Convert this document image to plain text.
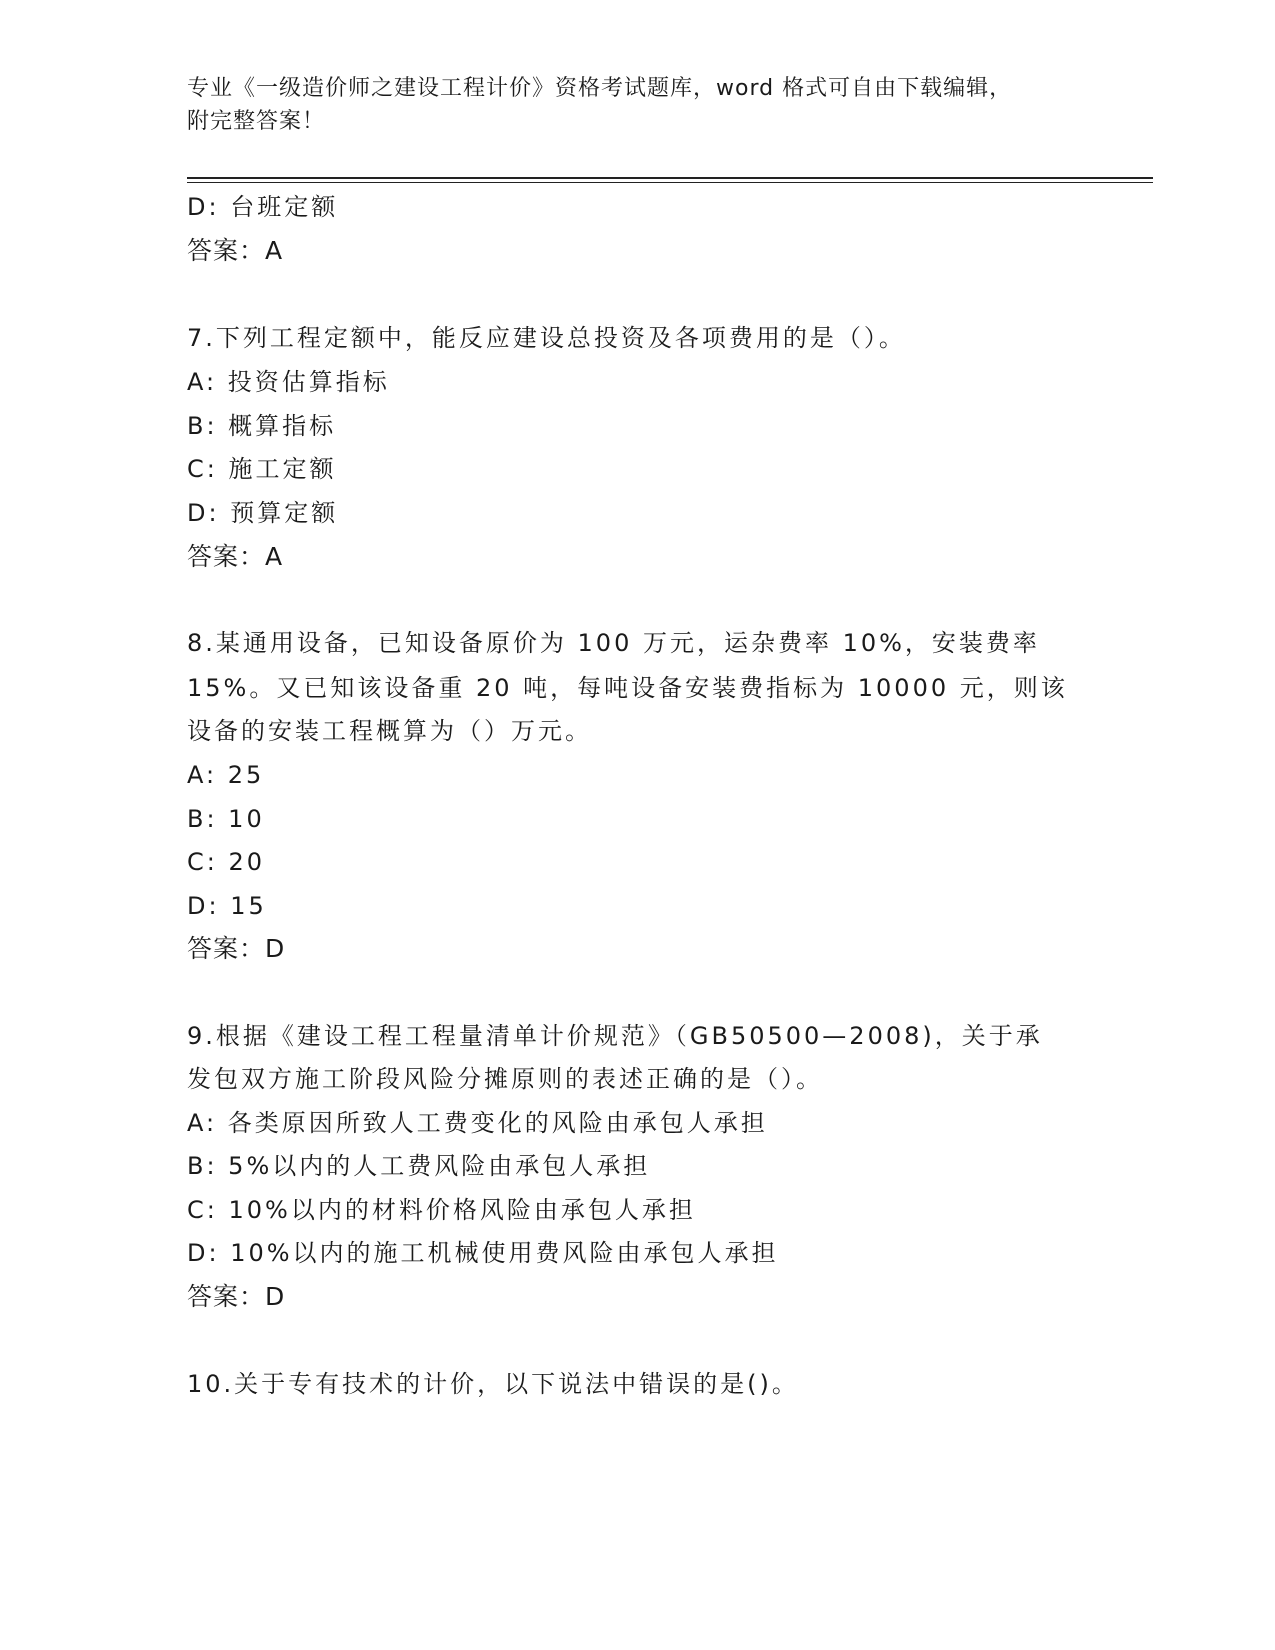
专业《一级造价师之建设工程计价》资格考试题库，word 格式可自由下载编辑，
附完整答案！
D: 台班定额
答案：A
7.下列工程定额中，能反应建设总投资及各项费用的是（）。
A: 投资估算指标
B: 概算指标
C: 施工定额
D: 预算定额
答案：A
8.某通用设备，已知设备原价为 100 万元，运杂费率 10%，安装费率
15%。又已知该设备重 20 吨，每吨设备安装费指标为 10000 元，则该
设备的安装工程概算为（）万元。
A: 25
B: 10
C: 20
D: 15
答案：D
9.根据《建设工程工程量清单计价规范》（GB50500—2008)，关于承
发包双方施工阶段风险分摊原则的表述正确的是（）。
A: 各类原因所致人工费变化的风险由承包人承担
B: 5%以内的人工费风险由承包人承担
C: 10%以内的材料价格风险由承包人承担
D: 10%以内的施工机械使用费风险由承包人承担
答案：D
10.关于专有技术的计价，以下说法中错误的是()。
